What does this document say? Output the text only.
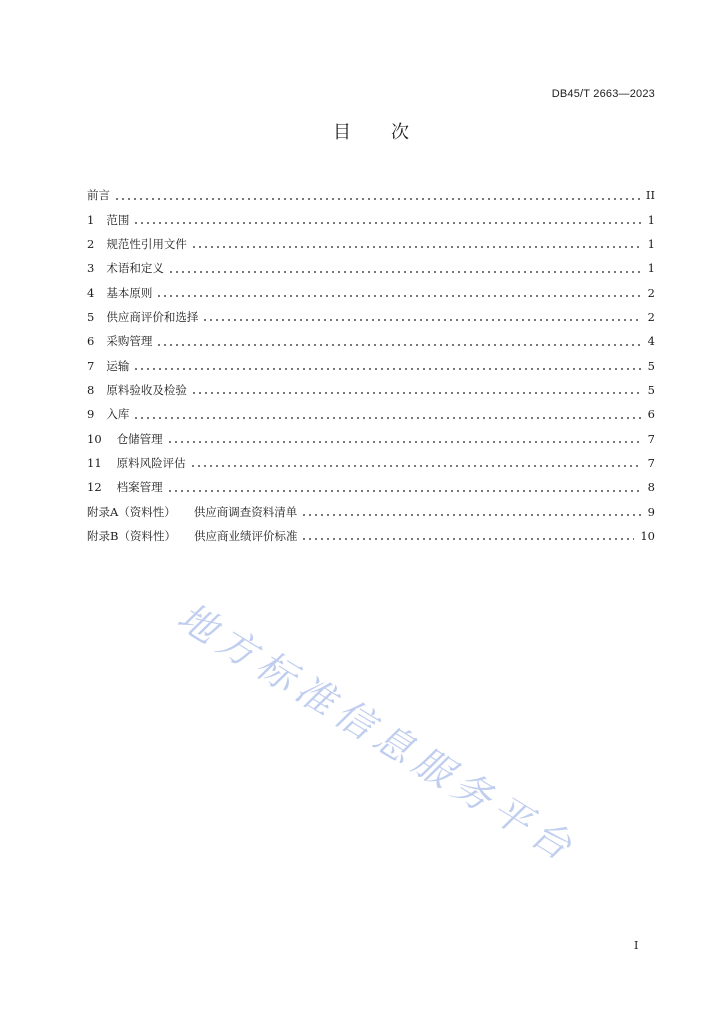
DB45/T 2663—2023
目次
前言	II
1 范围	1
2 规范性引用文件	1
3 术语和定义	1
4 基本原则	2
5 供应商评价和选择	2
6 采购管理	4
7 运输	5
8 原料验收及检验	5
9 入库	6
10 仓储管理	7
11 原料风险评估	7
12 档案管理	8
附录A（资料性） 供应商调查资料清单	9
附录B（资料性） 供应商业绩评价标准	10
地方标准信息服务平台
I
